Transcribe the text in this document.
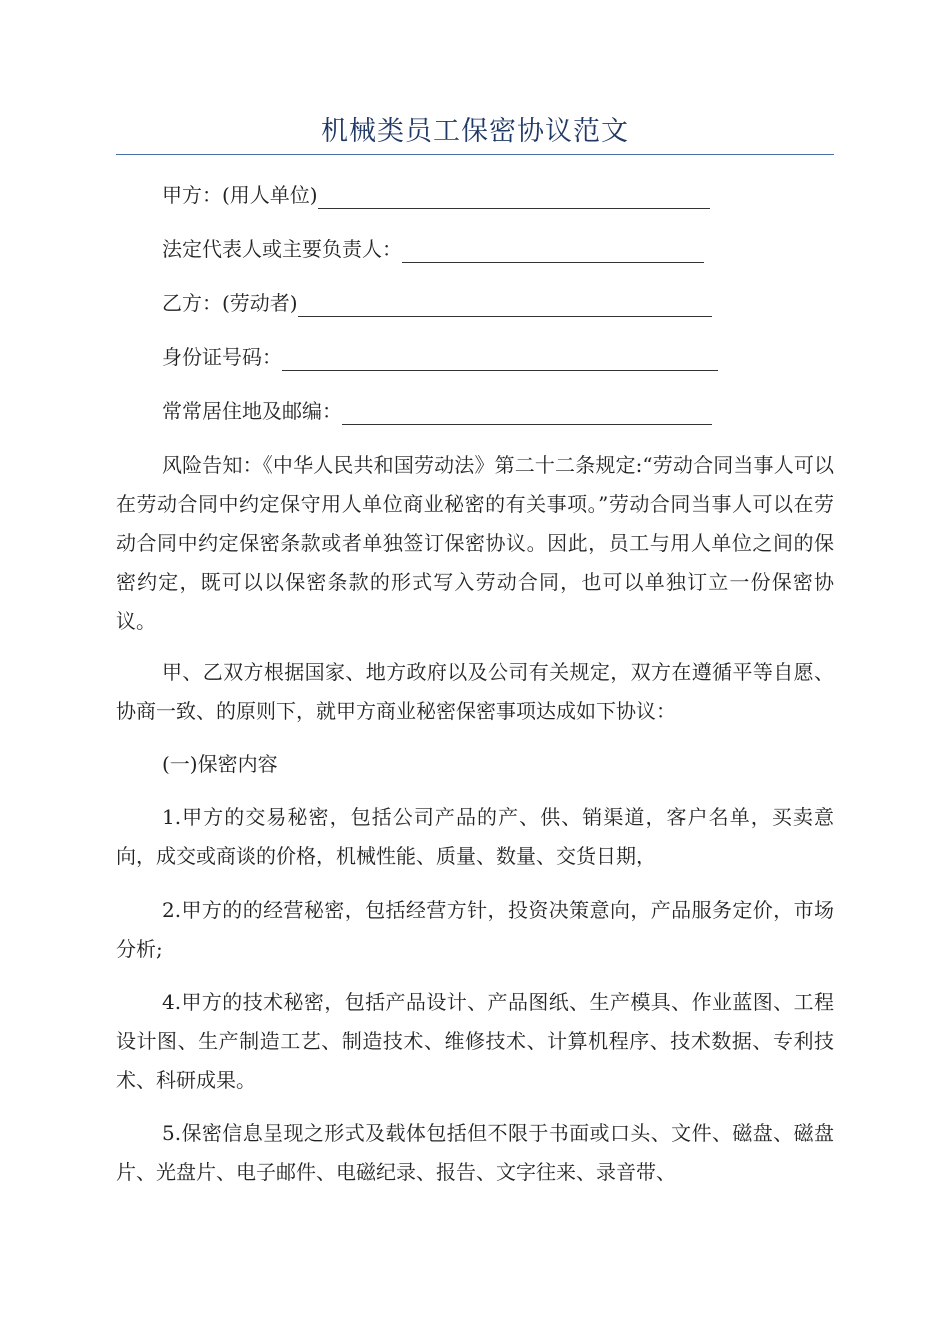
机械类员工保密协议范文
甲方：(用人单位)
法定代表人或主要负责人：
乙方：(劳动者)
身份证号码：
常常居住地及邮编：

风险告知：《中华人民共和国劳动法》第二十二条规定:“劳动合同当事人可以在劳动合同中约定保守用人单位商业秘密的有关事项。”劳动合同当事人可以在劳动合同中约定保密条款或者单独签订保密协议。因此，员工与用人单位之间的保密约定，既可以以保密条款的形式写入劳动合同，也可以单独订立一份保密协议。

甲、乙双方根据国家、地方政府以及公司有关规定，双方在遵循平等自愿、协商一致、的原则下，就甲方商业秘密保密事项达成如下协议：

(一)保密内容

1.甲方的交易秘密，包括公司产品的产、供、销渠道，客户名单，买卖意向，成交或商谈的价格，机械性能、质量、数量、交货日期，

2.甲方的的经营秘密，包括经营方针，投资决策意向，产品服务定价，市场分析;

4.甲方的技术秘密，包括产品设计、产品图纸、生产模具、作业蓝图、工程设计图、生产制造工艺、制造技术、维修技术、计算机程序、技术数据、专利技术、科研成果。

5.保密信息呈现之形式及载体包括但不限于书面或口头、文件、磁盘、磁盘片、光盘片、电子邮件、电磁纪录、报告、文字往来、录音带、
